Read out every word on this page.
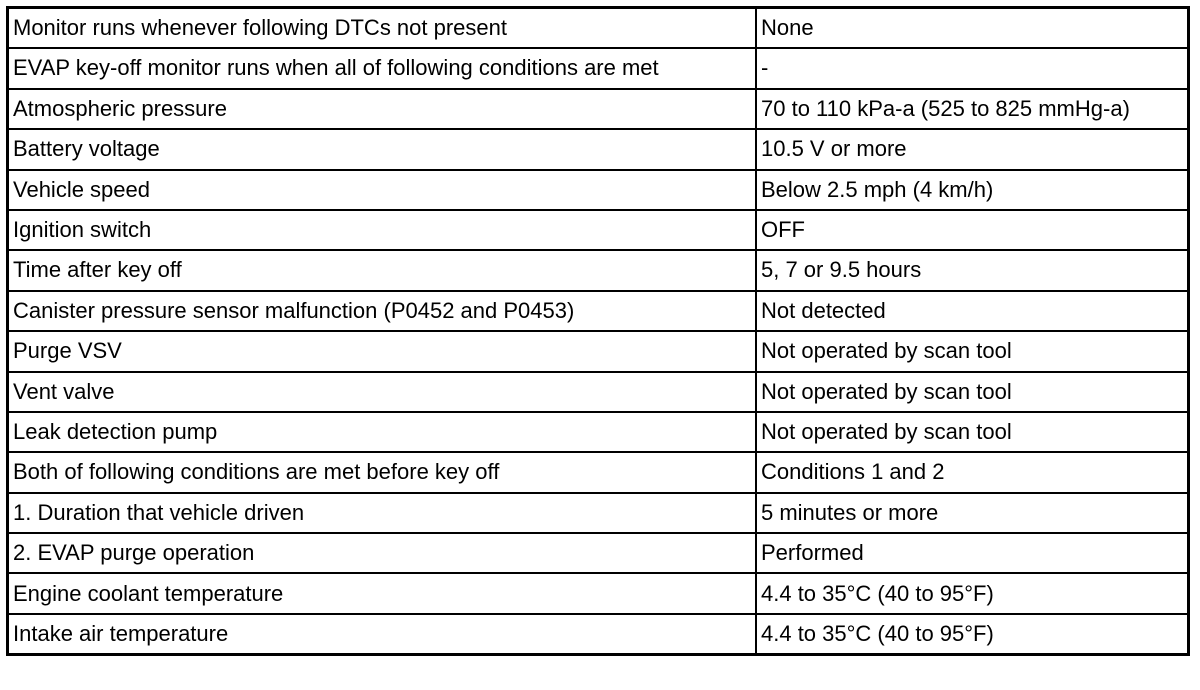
Monitor runs whenever following DTCs not present	None
EVAP key-off monitor runs when all of following conditions are met	-
Atmospheric pressure	70 to 110 kPa-a (525 to 825 mmHg-a)
Battery voltage	10.5 V or more
Vehicle speed	Below 2.5 mph (4 km/h)
Ignition switch	OFF
Time after key off	5, 7 or 9.5 hours
Canister pressure sensor malfunction (P0452 and P0453)	Not detected
Purge VSV	Not operated by scan tool
Vent valve	Not operated by scan tool
Leak detection pump	Not operated by scan tool
Both of following conditions are met before key off	Conditions 1 and 2
1. Duration that vehicle driven	5 minutes or more
2. EVAP purge operation	Performed
Engine coolant temperature	4.4 to 35°C (40 to 95°F)
Intake air temperature	4.4 to 35°C (40 to 95°F)
